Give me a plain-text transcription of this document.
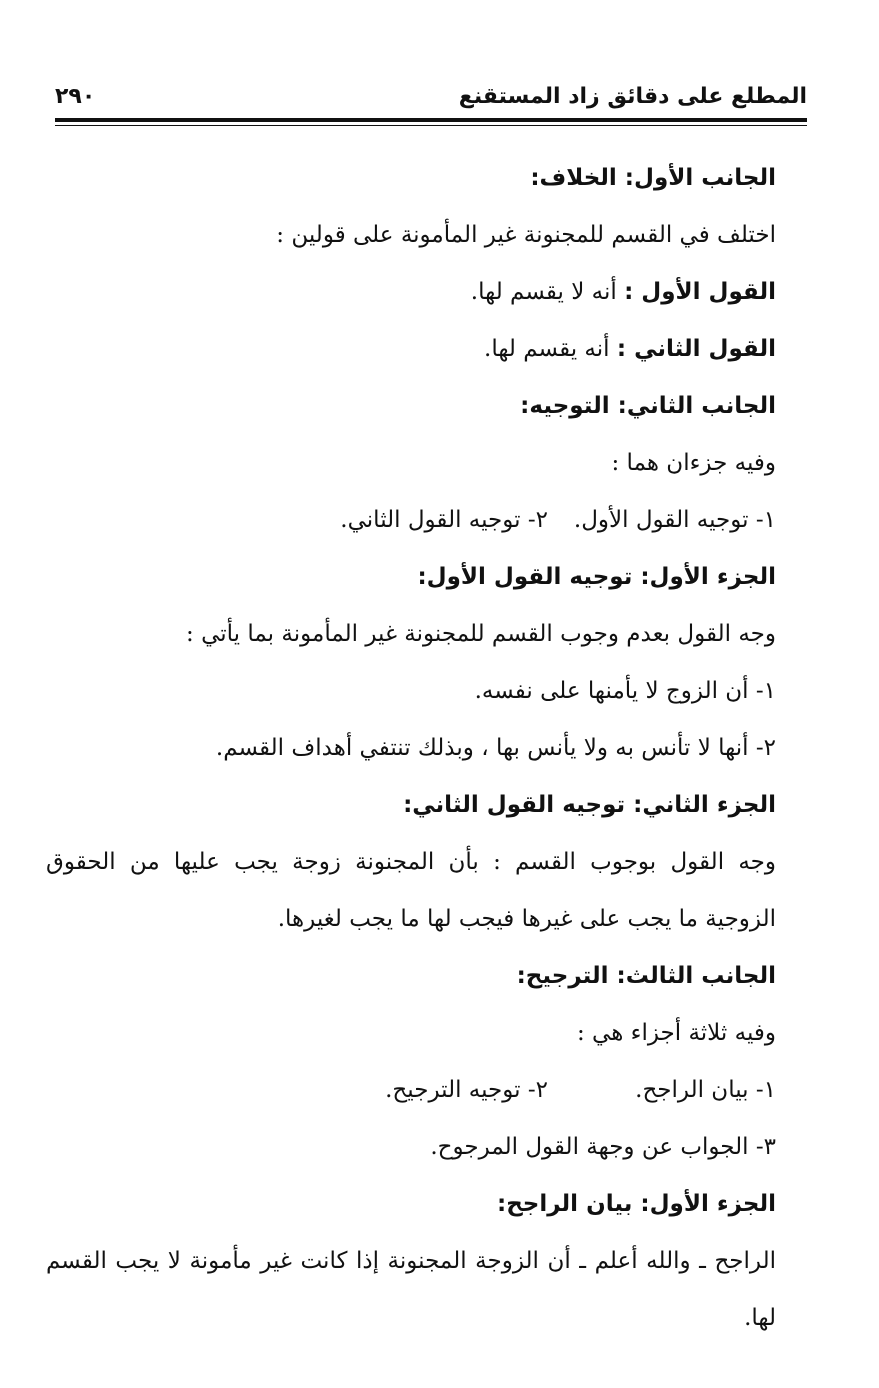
المطلع على دقائق زاد المستقنع
٢٩٠
الجانب الأول: الخلاف:
اختلف في القسم للمجنونة غير المأمونة على قولين :
القول الأول : أنه لا يقسم لها.
القول الثاني : أنه يقسم لها.
الجانب الثاني: التوجيه:
وفيه جزءان هما :
١- توجيه القول الأول.
٢- توجيه القول الثاني.
الجزء الأول: توجيه القول الأول:
وجه القول بعدم وجوب القسم للمجنونة غير المأمونة بما يأتي :
١- أن الزوج لا يأمنها على نفسه.
٢- أنها لا تأنس به ولا يأنس بها ، وبذلك تنتفي أهداف القسم.
الجزء الثاني: توجيه القول الثاني:
وجه القول بوجوب القسم : بأن المجنونة زوجة يجب عليها من الحقوق
الزوجية ما يجب على غيرها فيجب لها ما يجب لغيرها.
الجانب الثالث: الترجيح:
وفيه ثلاثة أجزاء هي :
١- بيان الراجح.
٢- توجيه الترجيح.
٣- الجواب عن وجهة القول المرجوح.
الجزء الأول: بيان الراجح:
الراجح ـ والله أعلم ـ أن الزوجة المجنونة إذا كانت غير مأمونة لا يجب القسم
لها.
